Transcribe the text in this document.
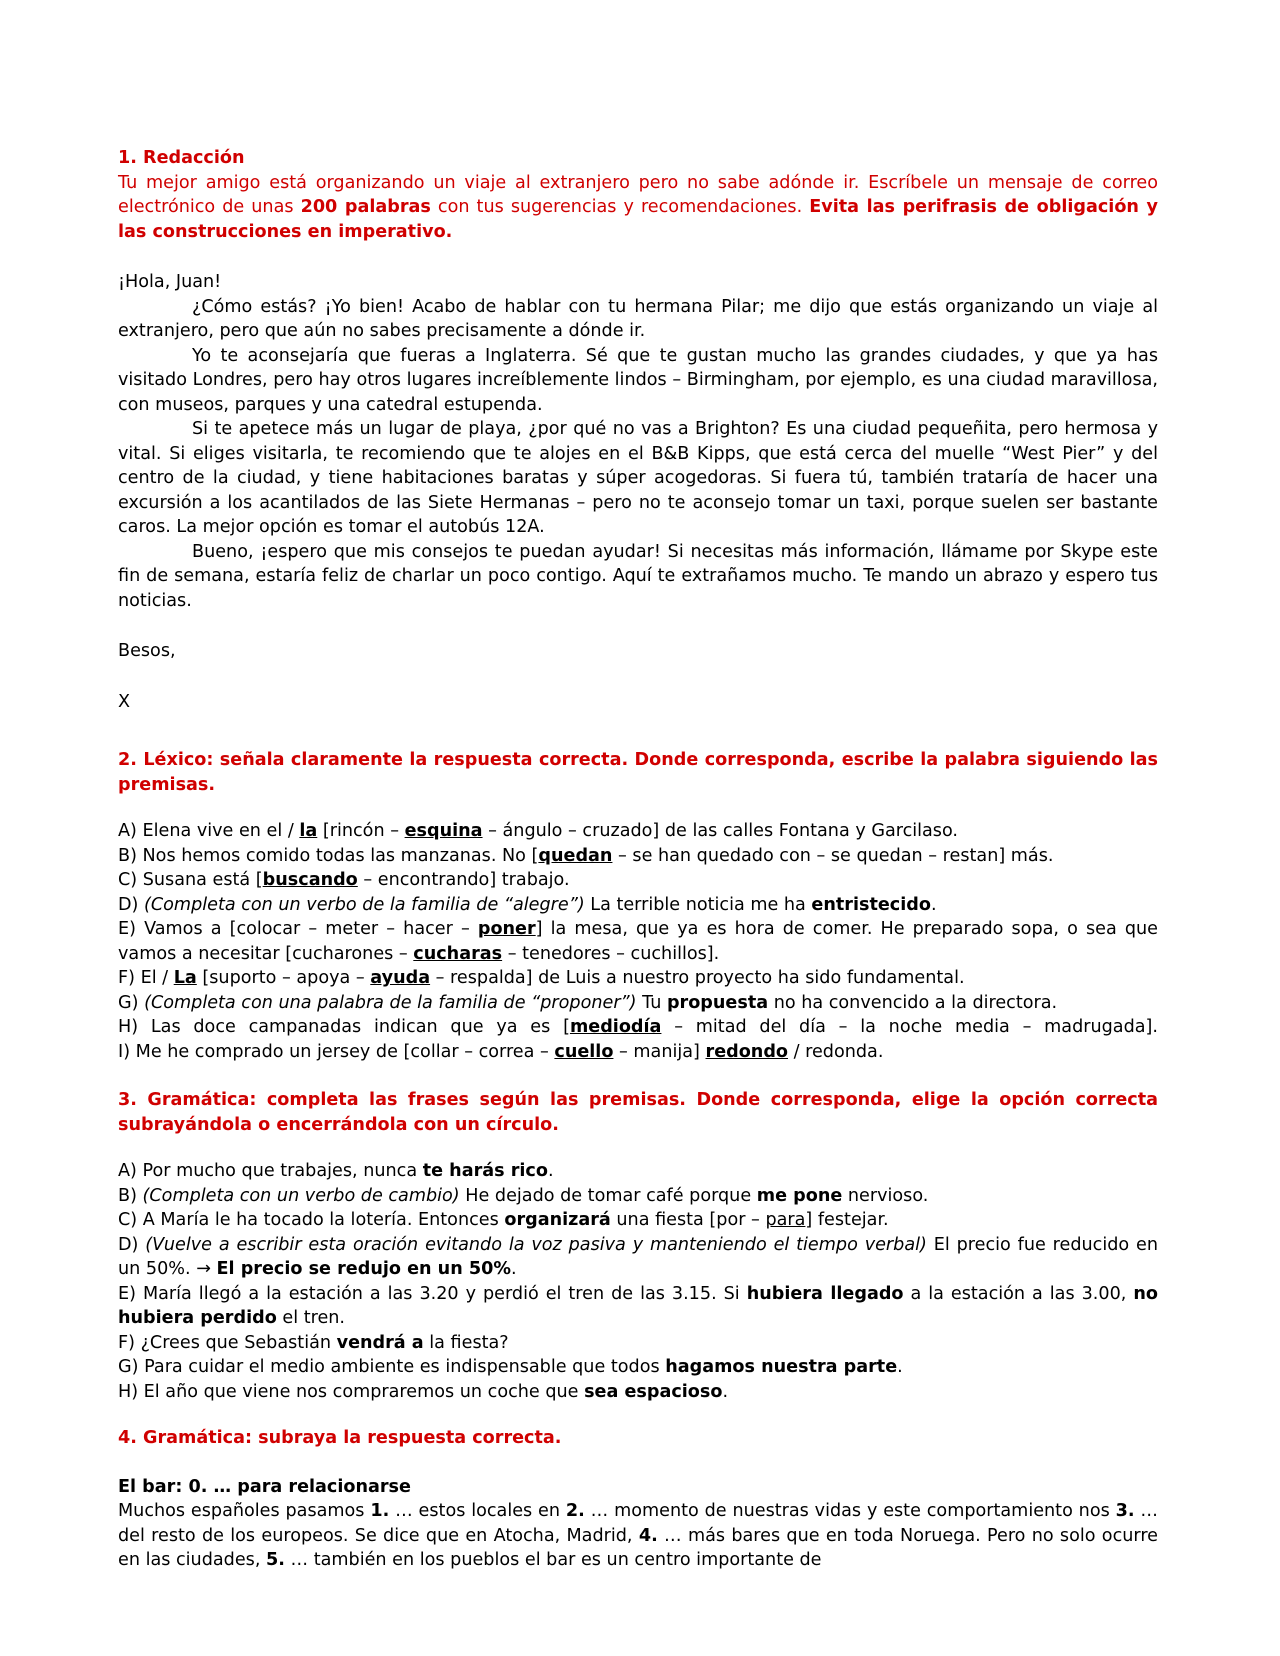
1. Redacción

Tu mejor amigo está organizando un viaje al extranjero pero no sabe adónde ir. Escríbele un mensaje de correo electrónico de unas 200 palabras con tus sugerencias y recomendaciones. Evita las perifrasis de obligación y las construcciones en imperativo.

¡Hola, Juan!

¿Cómo estás? ¡Yo bien! Acabo de hablar con tu hermana Pilar; me dijo que estás organizando un viaje al extranjero, pero que aún no sabes precisamente a dónde ir.

Yo te aconsejaría que fueras a Inglaterra. Sé que te gustan mucho las grandes ciudades, y que ya has visitado Londres, pero hay otros lugares increíblemente lindos – Birmingham, por ejemplo, es una ciudad maravillosa, con museos, parques y una catedral estupenda.

Si te apetece más un lugar de playa, ¿por qué no vas a Brighton? Es una ciudad pequeñita, pero hermosa y vital. Si eliges visitarla, te recomiendo que te alojes en el B&B Kipps, que está cerca del muelle “West Pier” y del centro de la ciudad, y tiene habitaciones baratas y súper acogedoras. Si fuera tú, también trataría de hacer una excursión a los acantilados de las Siete Hermanas – pero no te aconsejo tomar un taxi, porque suelen ser bastante caros. La mejor opción es tomar el autobús 12A.

Bueno, ¡espero que mis consejos te puedan ayudar! Si necesitas más información, llámame por Skype este fin de semana, estaría feliz de charlar un poco contigo. Aquí te extrañamos mucho. Te mando un abrazo y espero tus noticias.

Besos,

X

2. Léxico: señala claramente la respuesta correcta. Donde corresponda, escribe la palabra siguiendo las premisas.

A) Elena vive en el / la [rincón – esquina – ángulo – cruzado] de las calles Fontana y Garcilaso.

B) Nos hemos comido todas las manzanas. No [quedan – se han quedado con – se quedan – restan] más.

C) Susana está [buscando – encontrando] trabajo.

D) (Completa con un verbo de la familia de “alegre”) La terrible noticia me ha entristecido.

E) Vamos a [colocar – meter – hacer – poner] la mesa, que ya es hora de comer. He preparado sopa, o sea que vamos a necesitar [cucharones – cucharas – tenedores – cuchillos].

F) El / La [suporto – apoya – ayuda – respalda] de Luis a nuestro proyecto ha sido fundamental.

G) (Completa con una palabra de la familia de “proponer”) Tu propuesta no ha convencido a la directora.

H) Las doce campanadas indican que ya es [mediodía – mitad del día – la noche media – madrugada].

I) Me he comprado un jersey de [collar – correa – cuello – manija] redondo / redonda.

3. Gramática: completa las frases según las premisas. Donde corresponda, elige la opción correcta subrayándola o encerrándola con un círculo.

A) Por mucho que trabajes, nunca te harás rico.

B) (Completa con un verbo de cambio) He dejado de tomar café porque me pone nervioso.

C) A María le ha tocado la lotería. Entonces organizará una fiesta [por – para] festejar.

D) (Vuelve a escribir esta oración evitando la voz pasiva y manteniendo el tiempo verbal) El precio fue reducido en un 50%. → El precio se redujo en un 50%.

E) María llegó a la estación a las 3.20 y perdió el tren de las 3.15. Si hubiera llegado a la estación a las 3.00, no hubiera perdido el tren.

F) ¿Crees que Sebastián vendrá a la fiesta?

G) Para cuidar el medio ambiente es indispensable que todos hagamos nuestra parte.

H) El año que viene nos compraremos un coche que sea espacioso.

4. Gramática: subraya la respuesta correcta.

El bar: 0. … para relacionarse

Muchos españoles pasamos 1. … estos locales en 2. … momento de nuestras vidas y este comportamiento nos 3. … del resto de los europeos. Se dice que en Atocha, Madrid, 4. … más bares que en toda Noruega. Pero no solo ocurre en las ciudades, 5. … también en los pueblos el bar es un centro importante de
